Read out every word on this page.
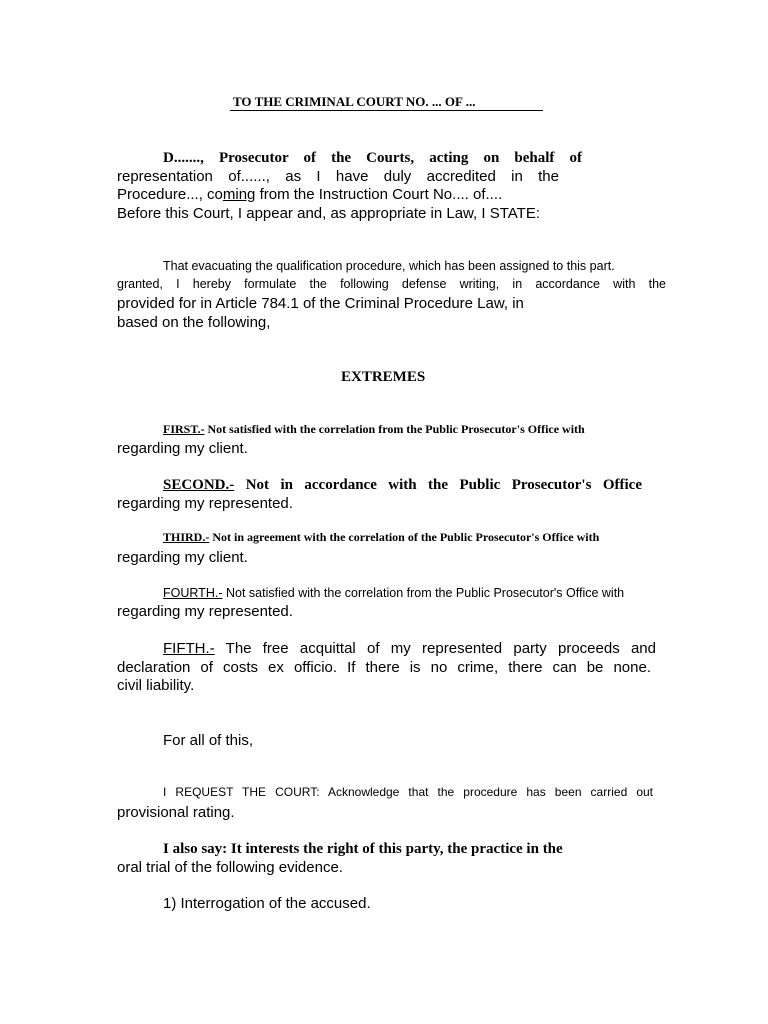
TO THE CRIMINAL COURT NO. ... OF ...
D......., Prosecutor of the Courts, acting on behalf of
representation of......, as I have duly accredited in the
Procedure..., coming from the Instruction Court No.... of....
Before this Court, I appear and, as appropriate in Law, I STATE:
That evacuating the qualification procedure, which has been assigned to this part.
granted, I hereby formulate the following defense writing, in accordance with the
provided for in Article 784.1 of the Criminal Procedure Law, in
based on the following,
EXTREMES
FIRST.- Not satisfied with the correlation from the Public Prosecutor's Office with
regarding my client.
SECOND.- Not in accordance with the Public Prosecutor's Office
regarding my represented.
THIRD.- Not in agreement with the correlation of the Public Prosecutor's Office with
regarding my client.
FOURTH.- Not satisfied with the correlation from the Public Prosecutor's Office with
regarding my represented.
FIFTH.- The free acquittal of my represented party proceeds and
declaration of costs ex officio. If there is no crime, there can be none.
civil liability.
For all of this,
I REQUEST THE COURT: Acknowledge that the procedure has been carried out
provisional rating.
I also say: It interests the right of this party, the practice in the
oral trial of the following evidence.
1) Interrogation of the accused.
